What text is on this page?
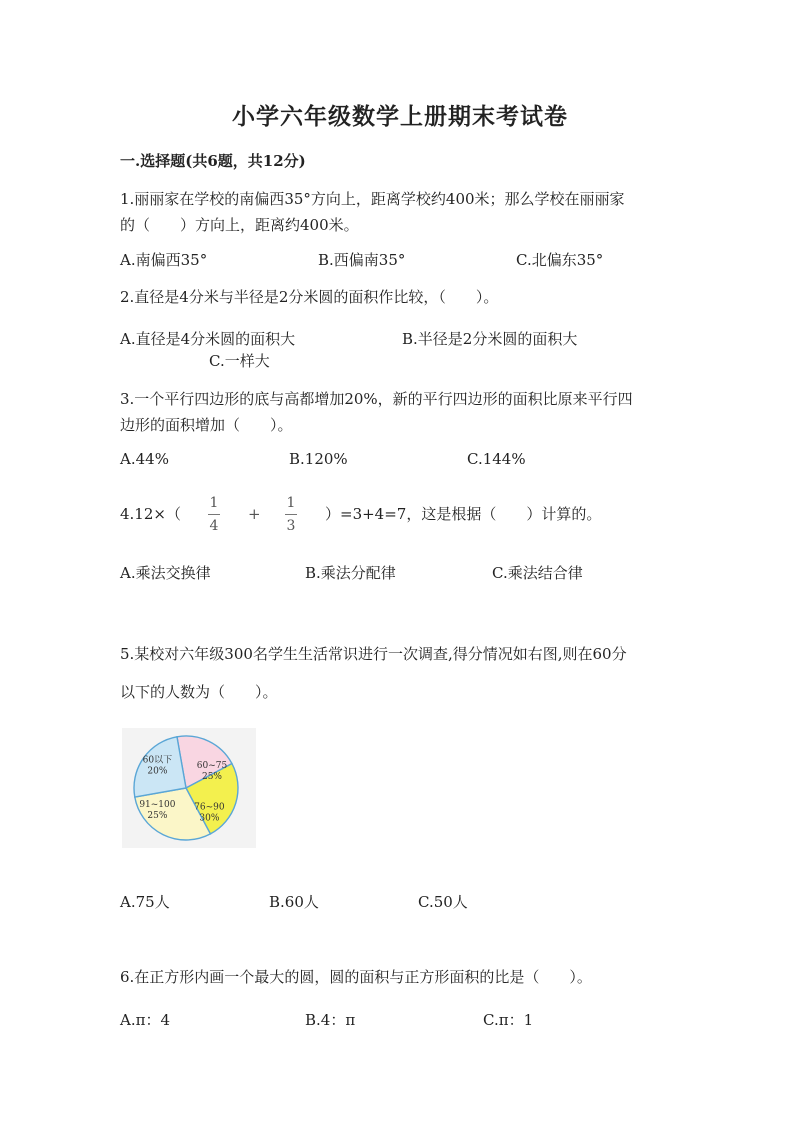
小学六年级数学上册期末考试卷
一.选择题(共6题，共12分)
1.丽丽家在学校的南偏西35°方向上，距离学校约400米；那么学校在丽丽家
的（　　）方向上，距离约400米。
A.南偏西35°	B.西偏南35°	C.北偏东35°
2.直径是4分米与半径是2分米圆的面积作比较，（　　）。
A.直径是4分米圆的面积大	B.半径是2分米圆的面积大
C.一样大
3.一个平行四边形的底与高都增加20%，新的平行四边形的面积比原来平行四
边形的面积增加（　　）。
A.44%	B.120%	C.144%
4.12×（
1
4
+
1
3
）=3+4=7，这是根据（　　）计算的。
A.乘法交换律	B.乘法分配律	C.乘法结合律
5.某校对六年级300名学生生活常识进行一次调查,得分情况如右图,则在60分
以下的人数为（　　）。
60以下
20%
60~75
25%
76~90
30%
91~100
25%
A.75人	B.60人	C.50人
6.在正方形内画一个最大的圆，圆的面积与正方形面积的比是（　　）。
A.π：4	B.4：π	C.π：1
